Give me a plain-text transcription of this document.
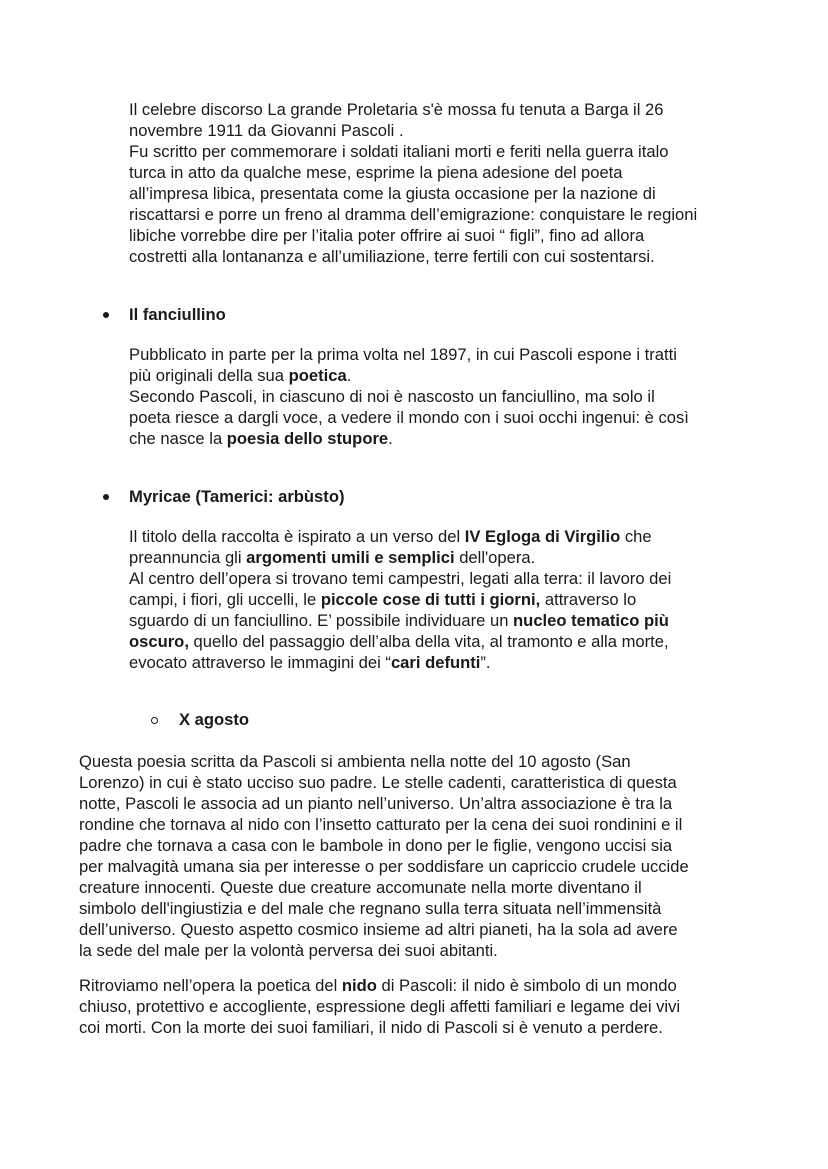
Il celebre discorso La grande Proletaria s'è mossa fu tenuta a Barga il 26

novembre 1911 da Giovanni Pascoli .

Fu scritto per commemorare i soldati italiani morti e feriti nella guerra italo

turca in atto da qualche mese, esprime la piena adesione del poeta

all’impresa libica, presentata come la giusta occasione per la nazione di

riscattarsi e porre un freno al dramma dell’emigrazione: conquistare le regioni

libiche vorrebbe dire per l’italia poter offrire ai suoi “ figli”, fino ad allora

costretti alla lontananza e all’umiliazione, terre fertili con cui sostentarsi.

Il fanciullino

Pubblicato in parte per la prima volta nel 1897, in cui Pascoli espone i tratti

più originali della sua poetica.

Secondo Pascoli, in ciascuno di noi è nascosto un fanciullino, ma solo il

poeta riesce a dargli voce, a vedere il mondo con i suoi occhi ingenui: è così

che nasce la poesia dello stupore.

Myricae (Tamerici: arbùsto)

Il titolo della raccolta è ispirato a un verso del IV Egloga di Virgilio che

preannuncia gli argomenti umili e semplici dell'opera.

Al centro dell’opera si trovano temi campestri, legati alla terra: il lavoro dei

campi, i fiori, gli uccelli, le piccole cose di tutti i giorni, attraverso lo

sguardo di un fanciullino. E’ possibile individuare un nucleo tematico più

oscuro, quello del passaggio dell’alba della vita, al tramonto e alla morte,

evocato attraverso le immagini dei “cari defunti”.

X agosto

Questa poesia scritta da Pascoli si ambienta nella notte del 10 agosto (San

Lorenzo) in cui è stato ucciso suo padre. Le stelle cadenti, caratteristica di questa

notte, Pascoli le associa ad un pianto nell’universo. Un’altra associazione è tra la

rondine che tornava al nido con l’insetto catturato per la cena dei suoi rondinini e il

padre che tornava a casa con le bambole in dono per le figlie, vengono uccisi sia

per malvagità umana sia per interesse o per soddisfare un capriccio crudele uccide

creature innocenti. Queste due creature accomunate nella morte diventano il

simbolo dell'ingiustizia e del male che regnano sulla terra situata nell’immensità

dell’universo. Questo aspetto cosmico insieme ad altri pianeti, ha la sola ad avere

la sede del male per la volontà perversa dei suoi abitanti.

Ritroviamo nell’opera la poetica del nido di Pascoli: il nido è simbolo di un mondo

chiuso, protettivo e accogliente, espressione degli affetti familiari e legame dei vivi

coi morti. Con la morte dei suoi familiari, il nido di Pascoli si è venuto a perdere.
